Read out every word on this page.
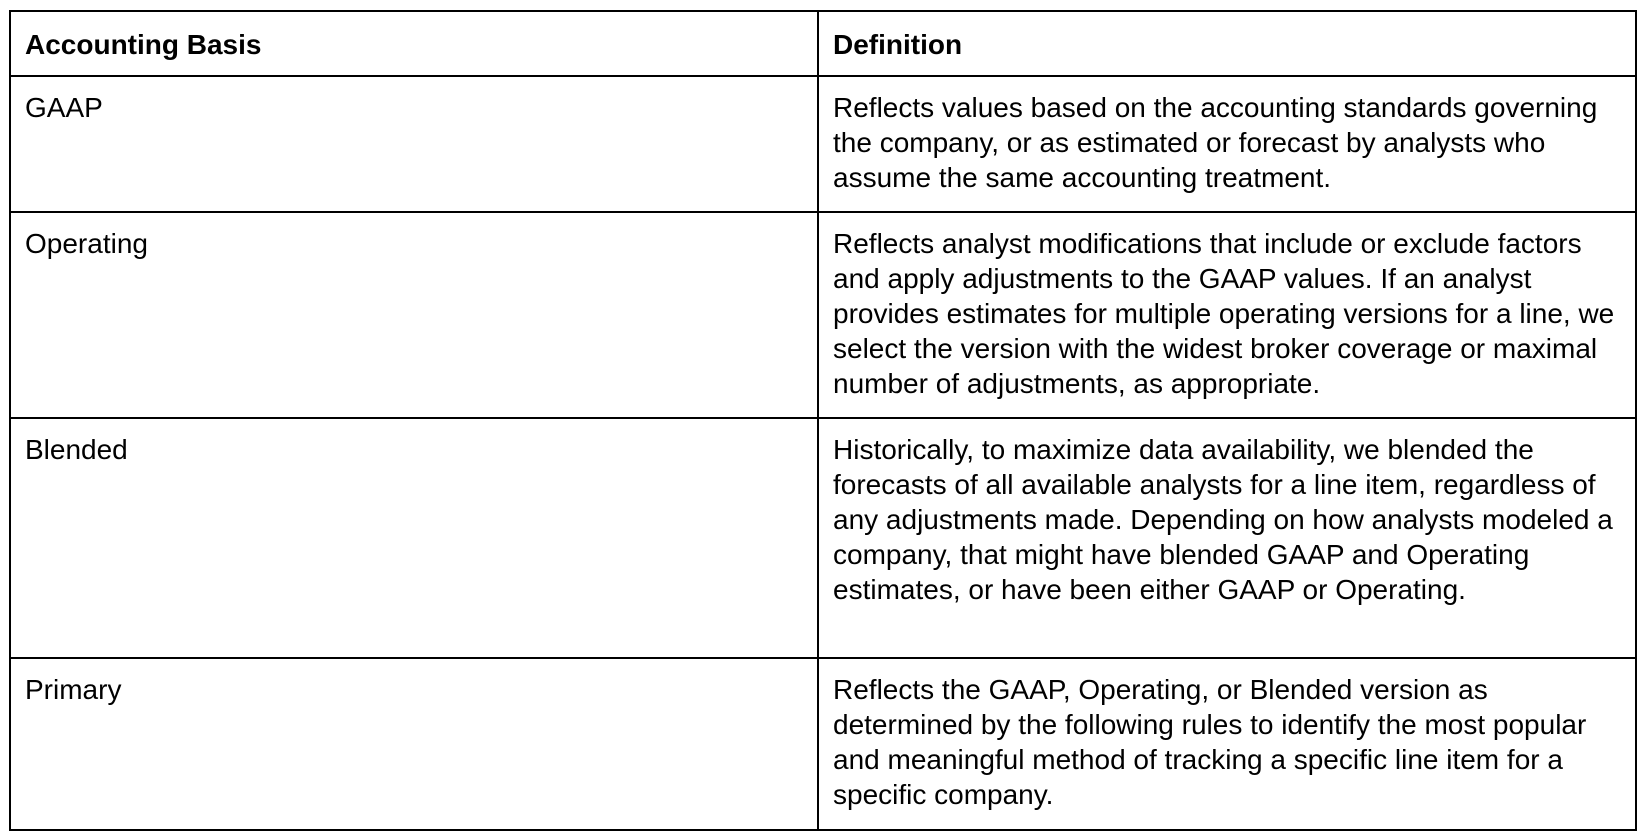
Accounting Basis	Definition
GAAP	Reflects values based on the accounting standards governing the company, or as estimated or forecast by analysts who assume the same accounting treatment.
Operating	Reflects analyst modifications that include or exclude factors and apply adjustments to the GAAP values. If an analyst provides estimates for multiple operating versions for a line, we select the version with the widest broker coverage or maximal number of adjustments, as appropriate.
Blended	Historically, to maximize data availability, we blended the forecasts of all available analysts for a line item, regardless of any adjustments made. Depending on how analysts modeled a company, that might have blended GAAP and Operating estimates, or have been either GAAP or Operating.
Primary	Reflects the GAAP, Operating, or Blended version as determined by the following rules to identify the most popular and meaningful method of tracking a specific line item for a specific company.
